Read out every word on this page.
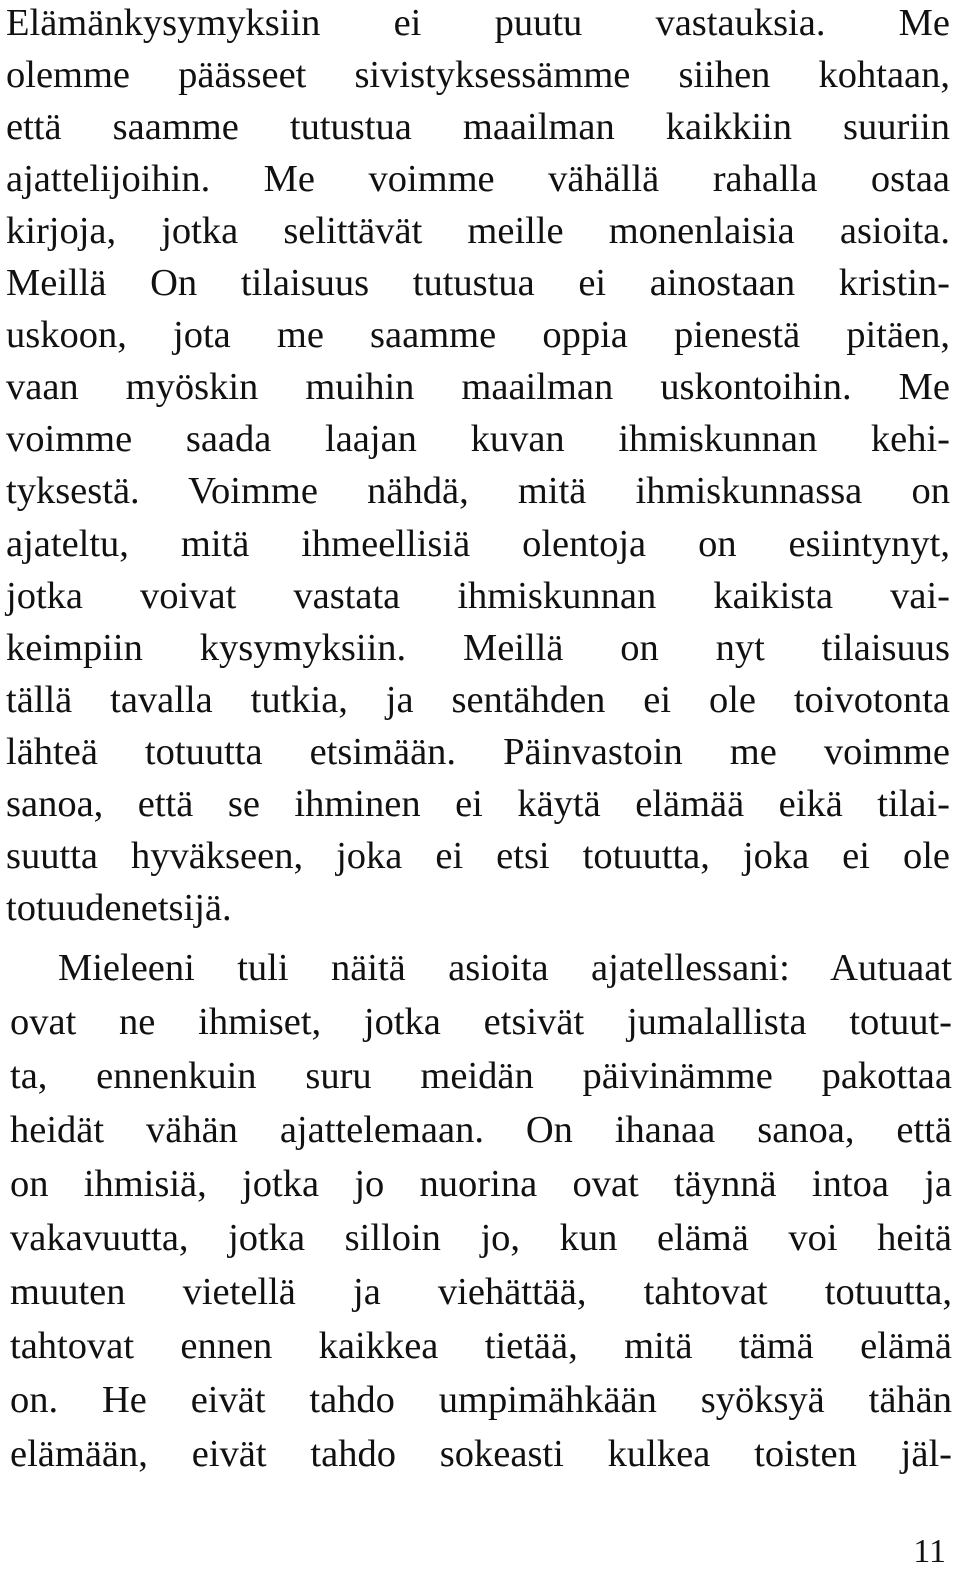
Elämänkysymyksiin ei puutu vastauksia. Me
olemme päässeet sivistyksessämme siihen kohtaan,
että saamme tutustua maailman kaikkiin suuriin
ajattelijoihin. Me voimme vähällä rahalla ostaa
kirjoja, jotka selittävät meille monenlaisia asioita.
Meillä On tilaisuus tutustua ei ainostaan kristin-
uskoon, jota me saamme oppia pienestä pitäen,
vaan myöskin muihin maailman uskontoihin. Me
voimme saada laajan kuvan ihmiskunnan kehi-
tyksestä. Voimme nähdä, mitä ihmiskunnassa on
ajateltu, mitä ihmeellisiä olentoja on esiintynyt,
jotka voivat vastata ihmiskunnan kaikista vai-
keimpiin kysymyksiin. Meillä on nyt tilaisuus
tällä tavalla tutkia, ja sentähden ei ole toivotonta
lähteä totuutta etsimään. Päinvastoin me voimme
sanoa, että se ihminen ei käytä elämää eikä tilai-
suutta hyväkseen, joka ei etsi totuutta, joka ei ole
totuudenetsijä.
Mieleeni tuli näitä asioita ajatellessani: Autuaat
ovat ne ihmiset, jotka etsivät jumalallista totuut-
ta, ennenkuin suru meidän päivinämme pakottaa
heidät vähän ajattelemaan. On ihanaa sanoa, että
on ihmisiä, jotka jo nuorina ovat täynnä intoa ja
vakavuutta, jotka silloin jo, kun elämä voi heitä
muuten vietellä ja viehättää, tahtovat totuutta,
tahtovat ennen kaikkea tietää, mitä tämä elämä
on. He eivät tahdo umpimähkään syöksyä tähän
elämään, eivät tahdo sokeasti kulkea toisten jäl-
11
